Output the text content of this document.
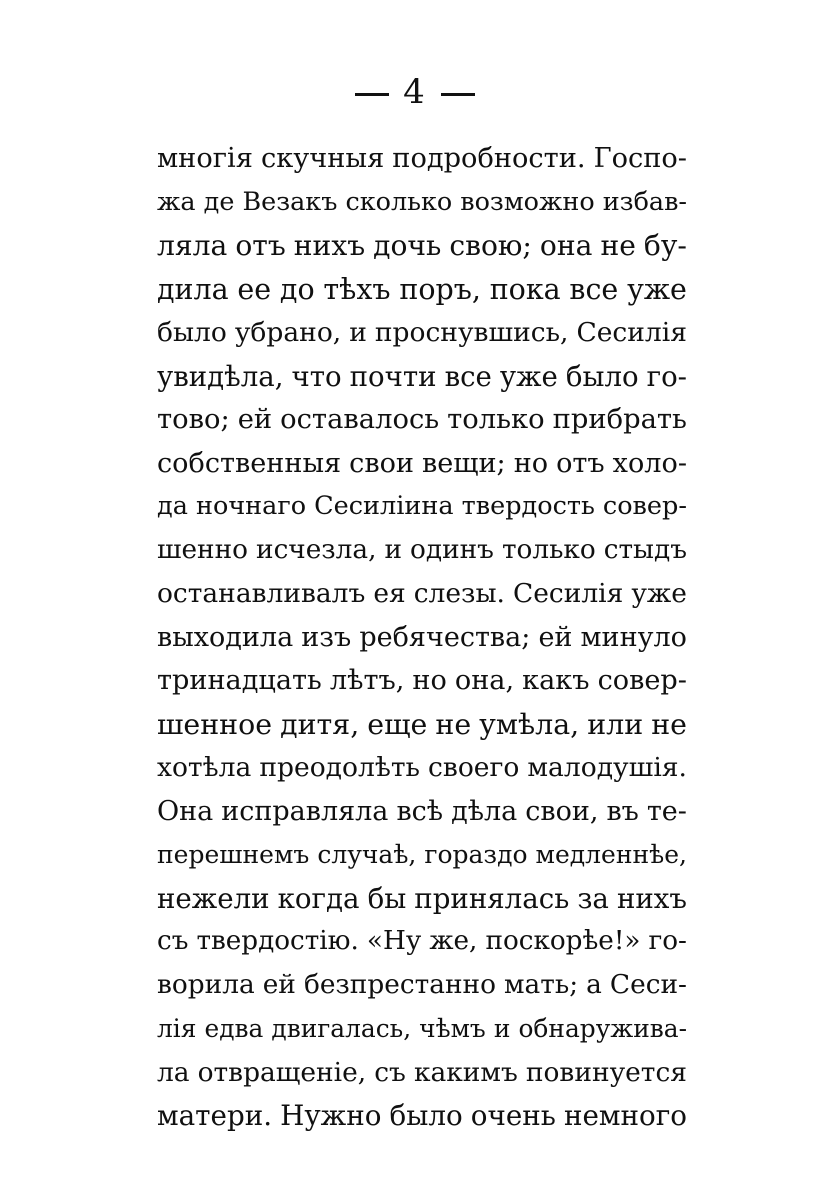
4
многія скучныя подробности. Госпо-
жа де Везакъ сколько возможно избав-
ляла отъ нихъ дочь свою; она не бу-
дила ее до тѣхъ поръ, пока все уже
было убрано, и проснувшись, Сесилія
увидѣла, что почти все уже было го-
тово; ей оставалось только прибрать
собственныя свои вещи; но отъ холо-
да ночнаго Сесиліина твердость совер-
шенно исчезла, и одинъ только стыдъ
останавливалъ ея слезы. Сесилія уже
выходила изъ ребячества; ей минуло
тринадцать лѣтъ, но она, какъ совер-
шенное дитя, еще не умѣла, или не
хотѣла преодолѣть своего малодушія.
Она исправляла всѣ дѣла свои, въ те-
перешнемъ случаѣ, гораздо медленнѣе,
нежели когда бы принялась за нихъ
съ твердостію. «Ну же, поскорѣе!» го-
ворила ей безпрестанно мать; а Сеси-
лія едва двигалась, чѣмъ и обнаружива-
ла отвращеніе, съ какимъ повинуется
матери. Нужно было очень немного
